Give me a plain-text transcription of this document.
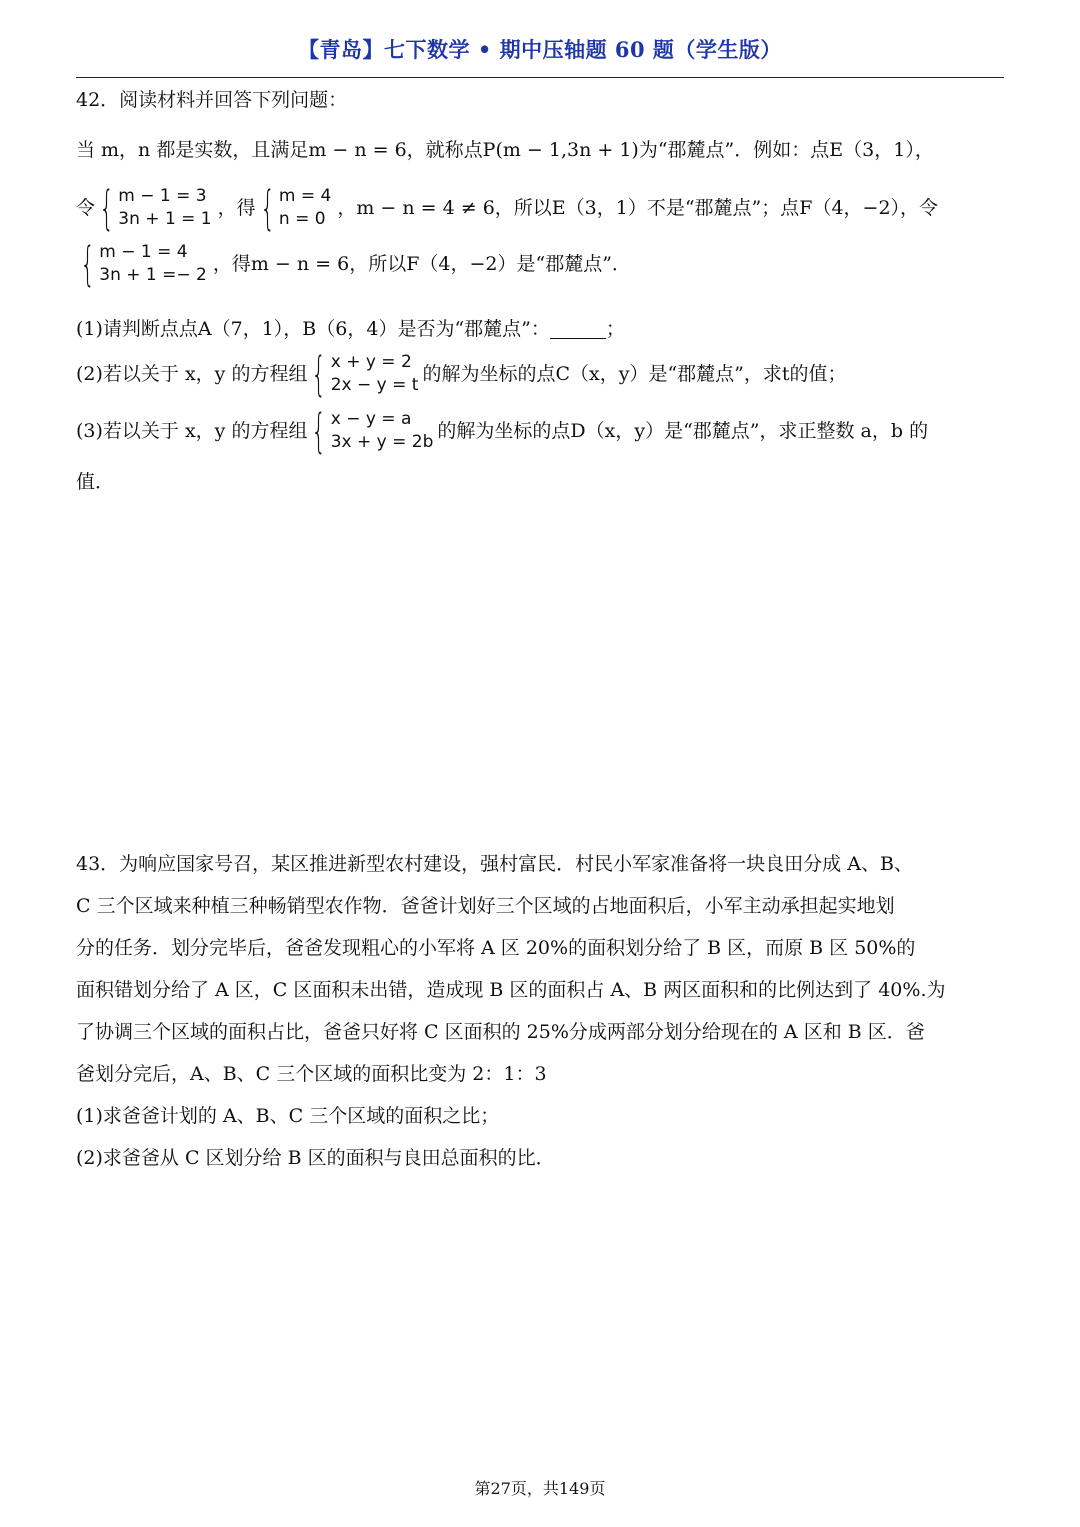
【青岛】七下数学 • 期中压轴题 60 题（学生版）
42．阅读材料并回答下列问题：
当 m，n 都是实数，且满足m − n = 6，就称点P(m − 1,3n + 1)为“郡麓点”．例如：点E（3，1），
令 { m − 1 = 3
3n + 1 = 1
，得 { m = 4
n = 0
，m − n = 4 ≠ 6，所以E（3，1）不是“郡麓点”；点F（4，−2），令
{ m − 1 = 4
3n + 1 =− 2
，得m − n = 6，所以F（4，−2）是“郡麓点”．
(1)请判断点点A（7，1），B（6，4）是否为“郡麓点”：	；
(2)若以关于 x，y 的方程组 { x + y = 2
2x − y = t
的解为坐标的点C（x，y）是“郡麓点”，求t的值；
(3)若以关于 x，y 的方程组 { x − y = a
3x + y = 2b
的解为坐标的点D（x，y）是“郡麓点”，求正整数 a，b 的
值．
43．为响应国家号召，某区推进新型农村建设，强村富民．村民小军家准备将一块良田分成 A、B、
C 三个区域来种植三种畅销型农作物．爸爸计划好三个区域的占地面积后，小军主动承担起实地划
分的任务．划分完毕后，爸爸发现粗心的小军将 A 区 20%的面积划分给了 B 区，而原 B 区 50%的
面积错划分给了 A 区，C 区面积未出错，造成现 B 区的面积占 A、B 两区面积和的比例达到了 40%.为
了协调三个区域的面积占比，爸爸只好将 C 区面积的 25%分成两部分划分给现在的 A 区和 B 区．爸
爸划分完后，A、B、C 三个区域的面积比变为 2：1：3
(1)求爸爸计划的 A、B、C 三个区域的面积之比；
(2)求爸爸从 C 区划分给 B 区的面积与良田总面积的比．
第27页，共149页
